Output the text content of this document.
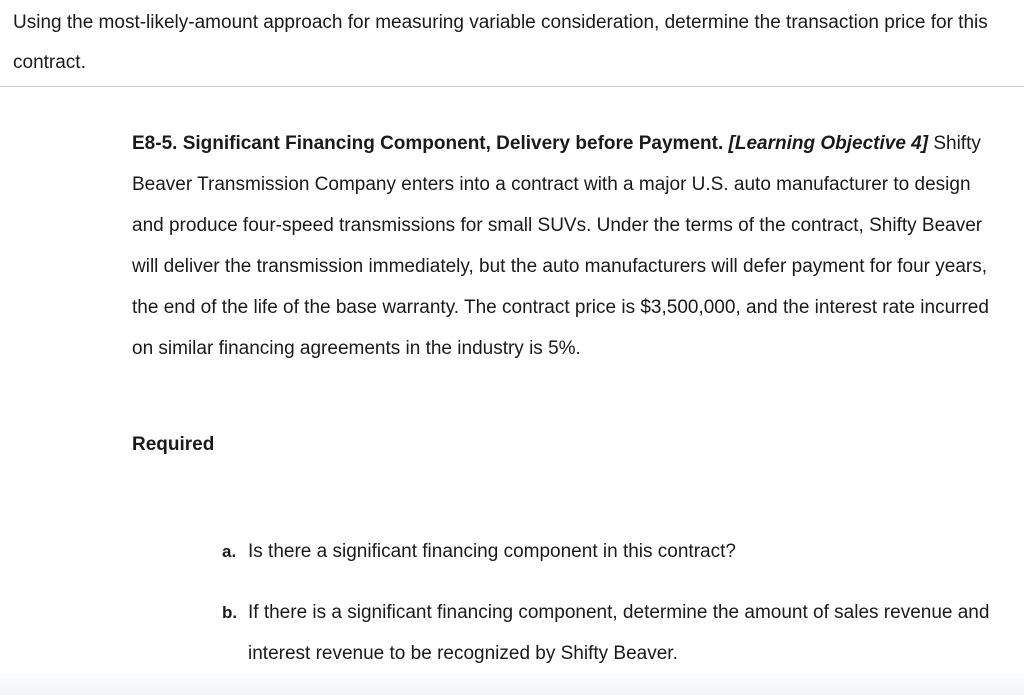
Using the most-likely-amount approach for measuring variable consideration, determine the transaction price for this contract.

E8-5. Significant Financing Component, Delivery before Payment. [Learning Objective 4] Shifty Beaver Transmission Company enters into a contract with a major U.S. auto manufacturer to design and produce four-speed transmissions for small SUVs. Under the terms of the contract, Shifty Beaver will deliver the transmission immediately, but the auto manufacturers will defer payment for four years, the end of the life of the base warranty. The contract price is $3,500,000, and the interest rate incurred on similar financing agreements in the industry is 5%.

Required

a. Is there a significant financing component in this contract?
b. If there is a significant financing component, determine the amount of sales revenue and interest revenue to be recognized by Shifty Beaver.
